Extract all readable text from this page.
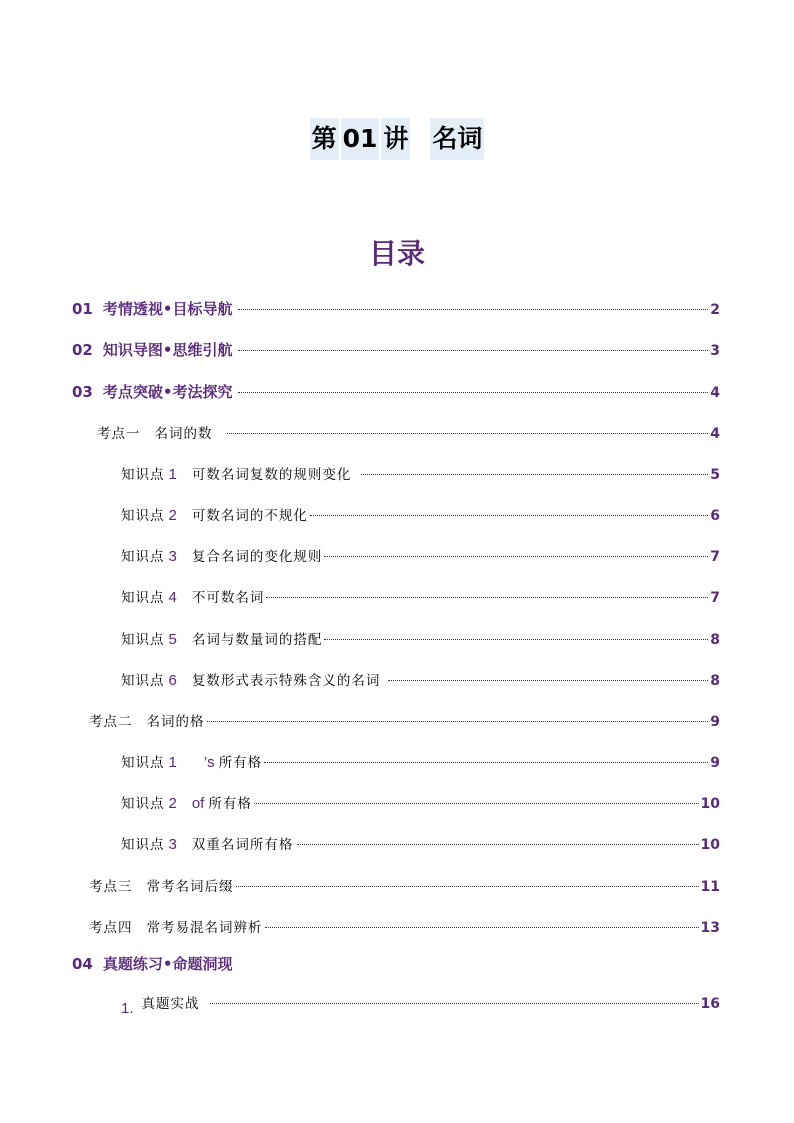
第 01 讲 名词
目录
01 考情透视•目标导航	2
02 知识导图•思维引航	3
03 考点突破•考法探究	4
考点一 名词的数	4
知识点 1 可数名词复数的规则变化	5
知识点 2 可数名词的不规化	6
知识点 3 复合名词的变化规则	7
知识点 4 不可数名词	7
知识点 5 名词与数量词的搭配	8
知识点 6 复数形式表示特殊含义的名词	8
考点二 名词的格	9
知识点 1 ’s 所有格	9
知识点 2 of 所有格	10
知识点 3 双重名词所有格	10
考点三 常考名词后缀	11
考点四 常考易混名词辨析	13
04 真题练习•命题洞现
1. 真题实战	16
